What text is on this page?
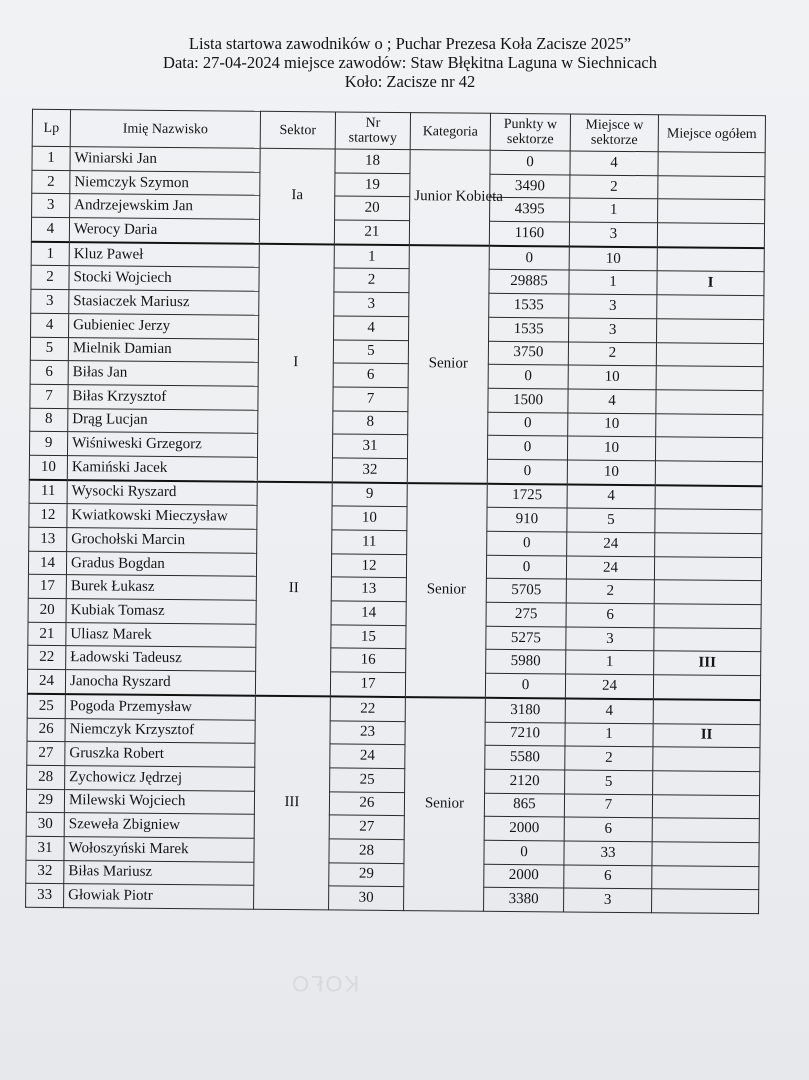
Lista startowa zawodników o ; Puchar Prezesa Koła Zacisze 2025”
Data: 27-04-2024 miejsce zawodów: Staw Błękitna Laguna w Siechnicach
Koło: Zacisze nr 42
Lp	Imię Nazwisko	Sektor	Nr startowy	Kategoria	Punkty w sektorze	Miejsce w sektorze	Miejsce ogółem
1	Winiarski Jan	Ia	18	Junior Kobieta	0	4	
2	Niemczyk Szymon		19		3490	2	
3	Andrzejewskim Jan		20		4395	1	
4	Werocy Daria		21		1160	3	
1	Kluz Paweł	I	1	Senior	0	10	
2	Stocki Wojciech		2		29885	1	I
3	Stasiaczek Mariusz		3		1535	3	
4	Gubieniec Jerzy		4		1535	3	
5	Mielnik Damian		5		3750	2	
6	Biłas Jan		6		0	10	
7	Biłas Krzysztof		7		1500	4	
8	Drąg Lucjan		8		0	10	
9	Wiśniweski Grzegorz		31		0	10	
10	Kamiński Jacek		32		0	10	
11	Wysocki Ryszard	II	9	Senior	1725	4	
12	Kwiatkowski Mieczysław		10		910	5	
13	Grochołski Marcin		11		0	24	
14	Gradus Bogdan		12		0	24	
17	Burek Łukasz		13		5705	2	
20	Kubiak Tomasz		14		275	6	
21	Uliasz Marek		15		5275	3	
22	Ładowski Tadeusz		16		5980	1	III
24	Janocha Ryszard		17		0	24	
25	Pogoda Przemysław	III	22	Senior	3180	4	
26	Niemczyk Krzysztof		23		7210	1	II
27	Gruszka Robert		24		5580	2	
28	Zychowicz Jędrzej		25		2120	5	
29	Milewski Wojciech		26		865	7	
30	Szeweła Zbigniew		27		2000	6	
31	Wołoszyński Marek		28		0	33	
32	Biłas Mariusz		29		2000	6	
33	Głowiak Piotr		30		3380	3	
KOŁO
